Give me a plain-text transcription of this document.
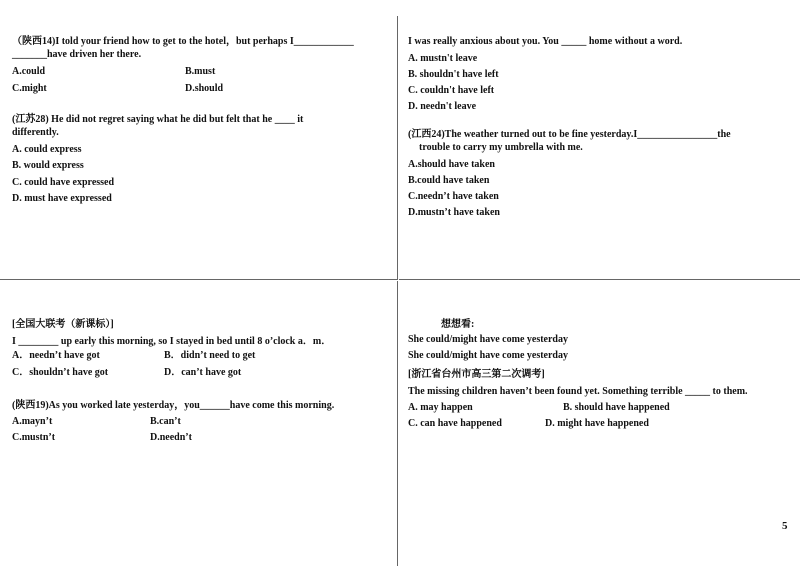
（陕西14)I told your friend how to get to the hotel，but perhaps I____________
_______have driven her there.
A.could	B.must
C.might	D.should
(江苏28) He did not regret saying what he did but felt that he ____ it
differently.
A. could express
B. would express
C. could have expressed
D. must have expressed
I was really anxious about you. You _____ home without a word.
A. mustn't leave
B. shouldn't have left
C. couldn't have left
D. needn't leave
(江西24)The weather turned out to be fine yesterday.I________________the
trouble to carry my umbrella with me.
A.should have taken
B.could have taken
C.needn’t have taken
D.mustn’t have taken
[全国大联考（新课标）]
I ________ up early this morning, so I stayed in bed until 8 o’clock a．m．
A．needn’t have got	B．didn’t need to get
C．shouldn’t have got	D．can’t have got
(陕西19)As you worked late yesterday，you______have come this morning.
A.mayn’t	B.can’t
C.mustn’t	D.needn’t
想想看:
She could/might have come yesterday
She could/might have come yesterday
[浙江省台州市高三第二次调考]
The missing children haven’t been found yet. Something terrible _____ to them.
A. may happen	B. should have happened
C. can have happened	D. might have happened
5
